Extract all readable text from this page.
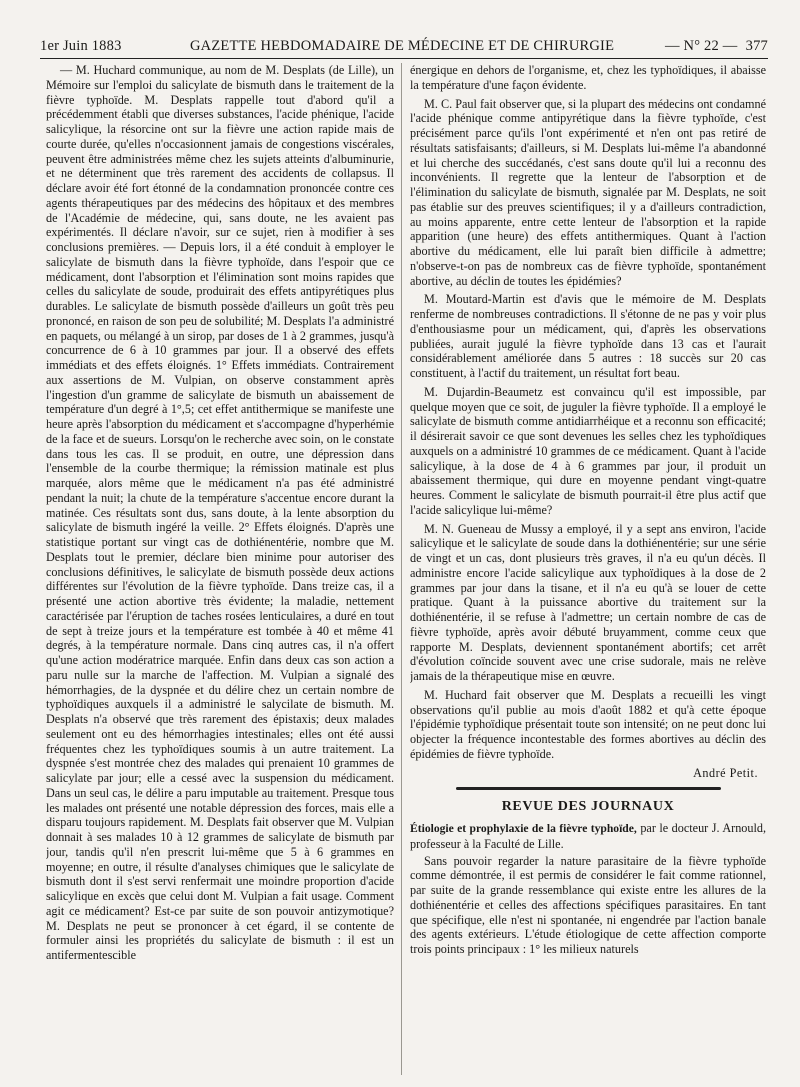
1er Juin 1883	GAZETTE HEBDOMADAIRE DE MÉDECINE ET DE CHIRURGIE	— N° 22 — 377

— M. Huchard communique, au nom de M. Desplats (de Lille), un Mémoire sur l'emploi du salicylate de bismuth dans le traitement de la fièvre typhoïde. M. Desplats rappelle tout d'abord qu'il a précédemment établi que diverses substances, l'acide phénique, l'acide salicylique, la résorcine ont sur la fièvre une action rapide mais de courte durée, qu'elles n'occasionnent jamais de congestions viscérales, peuvent être administrées même chez les sujets atteints d'albuminurie, et ne déterminent que très rarement des accidents de collapsus. Il déclare avoir été fort étonné de la condamnation prononcée contre ces agents thérapeutiques par des médecins des hôpitaux et des membres de l'Académie de médecine, qui, sans doute, ne les avaient pas expérimentés. Il déclare n'avoir, sur ce sujet, rien à modifier à ses conclusions premières. — Depuis lors, il a été conduit à employer le salicylate de bismuth dans la fièvre typhoïde, dans l'espoir que ce médicament, dont l'absorption et l'élimination sont moins rapides que celles du salicylate de soude, produirait des effets antipyrétiques plus durables. Le salicylate de bismuth possède d'ailleurs un goût très peu prononcé, en raison de son peu de solubilité; M. Desplats l'a administré en paquets, ou mélangé à un sirop, par doses de 1 à 2 grammes, jusqu'à concurrence de 6 à 10 grammes par jour. Il a observé des effets immédiats et des effets éloignés. 1° Effets immédiats. Contrairement aux assertions de M. Vulpian, on observe constamment après l'ingestion d'un gramme de salicylate de bismuth un abaissement de température d'un degré à 1°,5; cet effet antithermique se manifeste une heure après l'absorption du médicament et s'accompagne d'hyperhémie de la face et de sueurs. Lorsqu'on le recherche avec soin, on le constate dans tous les cas. Il se produit, en outre, une dépression dans l'ensemble de la courbe thermique; la rémission matinale est plus marquée, alors même que le médicament n'a pas été administré pendant la nuit; la chute de la température s'accentue encore durant la matinée. Ces résultats sont dus, sans doute, à la lente absorption du salicylate de bismuth ingéré la veille. 2° Effets éloignés. D'après une statistique portant sur vingt cas de dothiénentérie, nombre que M. Desplats tout le premier, déclare bien minime pour autoriser des conclusions définitives, le salicylate de bismuth possède deux actions différentes sur l'évolution de la fièvre typhoïde. Dans treize cas, il a présenté une action abortive très évidente; la maladie, nettement caractérisée par l'éruption de taches rosées lenticulaires, a duré en tout de sept à treize jours et la température est tombée à 40 et même 41 degrés, à la température normale. Dans cinq autres cas, il n'a offert qu'une action modératrice marquée. Enfin dans deux cas son action a paru nulle sur la marche de l'affection. M. Vulpian a signalé des hémorrhagies, de la dyspnée et du délire chez un certain nombre de typhoïdiques auxquels il a administré le salycilate de bismuth. M. Desplats n'a observé que très rarement des épistaxis; deux malades seulement ont eu des hémorrhagies intestinales; elles ont été aussi fréquentes chez les typhoïdiques soumis à un autre traitement. La dyspnée s'est montrée chez des malades qui prenaient 10 grammes de salicylate par jour; elle a cessé avec la suspension du médicament. Dans un seul cas, le délire a paru imputable au traitement. Presque tous les malades ont présenté une notable dépression des forces, mais elle a disparu toujours rapidement. M. Desplats fait observer que M. Vulpian donnait à ses malades 10 à 12 grammes de salicylate de bismuth par jour, tandis qu'il n'en prescrit lui-même que 5 à 6 grammes en moyenne; en outre, il résulte d'analyses chimiques que le salicylate de bismuth dont il s'est servi renfermait une moindre proportion d'acide salicylique en excès que celui dont M. Vulpian a fait usage. Comment agit ce médicament? Est-ce par suite de son pouvoir antizymotique? M. Desplats ne peut se prononcer à cet égard, il se contente de formuler ainsi les propriétés du salicylate de bismuth : il est un antifermentescible

énergique en dehors de l'organisme, et, chez les typhoïdiques, il abaisse la température d'une façon évidente.

M. C. Paul fait observer que, si la plupart des médecins ont condamné l'acide phénique comme antipyrétique dans la fièvre typhoïde, c'est précisément parce qu'ils l'ont expérimenté et n'en ont pas retiré de résultats satisfaisants; d'ailleurs, si M. Desplats lui-même l'a abandonné et lui cherche des succédanés, c'est sans doute qu'il lui a reconnu des inconvénients. Il regrette que la lenteur de l'absorption et de l'élimination du salicylate de bismuth, signalée par M. Desplats, ne soit pas établie sur des preuves scientifiques; il y a d'ailleurs contradiction, au moins apparente, entre cette lenteur de l'absorption et la rapide apparition (une heure) des effets antithermiques. Quant à l'action abortive du médicament, elle lui paraît bien difficile à admettre; n'observe-t-on pas de nombreux cas de fièvre typhoïde, spontanément abortive, au déclin de toutes les épidémies?

M. Moutard-Martin est d'avis que le mémoire de M. Desplats renferme de nombreuses contradictions. Il s'étonne de ne pas y voir plus d'enthousiasme pour un médicament, qui, d'après les observations publiées, aurait jugulé la fièvre typhoïde dans 13 cas et l'aurait considérablement améliorée dans 5 autres : 18 succès sur 20 cas constituent, à l'actif du traitement, un résultat fort beau.

M. Dujardin-Beaumetz est convaincu qu'il est impossible, par quelque moyen que ce soit, de juguler la fièvre typhoïde. Il a employé le salicylate de bismuth comme antidiarrhéique et a reconnu son efficacité; il désirerait savoir ce que sont devenues les selles chez les typhoïdiques auxquels on a administré 10 grammes de ce médicament. Quant à l'acide salicylique, à la dose de 4 à 6 grammes par jour, il produit un abaissement thermique, qui dure en moyenne pendant vingt-quatre heures. Comment le salicylate de bismuth pourrait-il être plus actif que l'acide salicylique lui-même?

M. N. Gueneau de Mussy a employé, il y a sept ans environ, l'acide salicylique et le salicylate de soude dans la dothiénentérie; sur une série de vingt et un cas, dont plusieurs très graves, il n'a eu qu'un décès. Il administre encore l'acide salicylique aux typhoïdiques à la dose de 2 grammes par jour dans la tisane, et il n'a eu qu'à se louer de cette pratique. Quant à la puissance abortive du traitement sur la dothiénentérie, il se refuse à l'admettre; un certain nombre de cas de fièvre typhoïde, après avoir débuté bruyamment, comme ceux que rapporte M. Desplats, deviennent spontanément abortifs; cet arrêt d'évolution coïncide souvent avec une crise sudorale, mais ne relève jamais de la thérapeutique mise en œuvre.

M. Huchard fait observer que M. Desplats a recueilli les vingt observations qu'il publie au mois d'août 1882 et qu'à cette époque l'épidémie typhoïdique présentait toute son intensité; on ne peut donc lui objecter la fréquence incontestable des formes abortives au déclin des épidémies de fièvre typhoïde.

André Petit.
REVUE DES JOURNAUX

Étiologie et prophylaxie de la fièvre typhoïde, par le docteur J. Arnould, professeur à la Faculté de Lille.

Sans pouvoir regarder la nature parasitaire de la fièvre typhoïde comme démontrée, il est permis de considérer le fait comme rationnel, par suite de la grande ressemblance qui existe entre les allures de la dothiénentérie et celles des affections spécifiques parasitaires. En tant que spécifique, elle n'est ni spontanée, ni engendrée par l'action banale des agents extérieurs. L'étude étiologique de cette affection comporte trois points principaux : 1° les milieux naturels
